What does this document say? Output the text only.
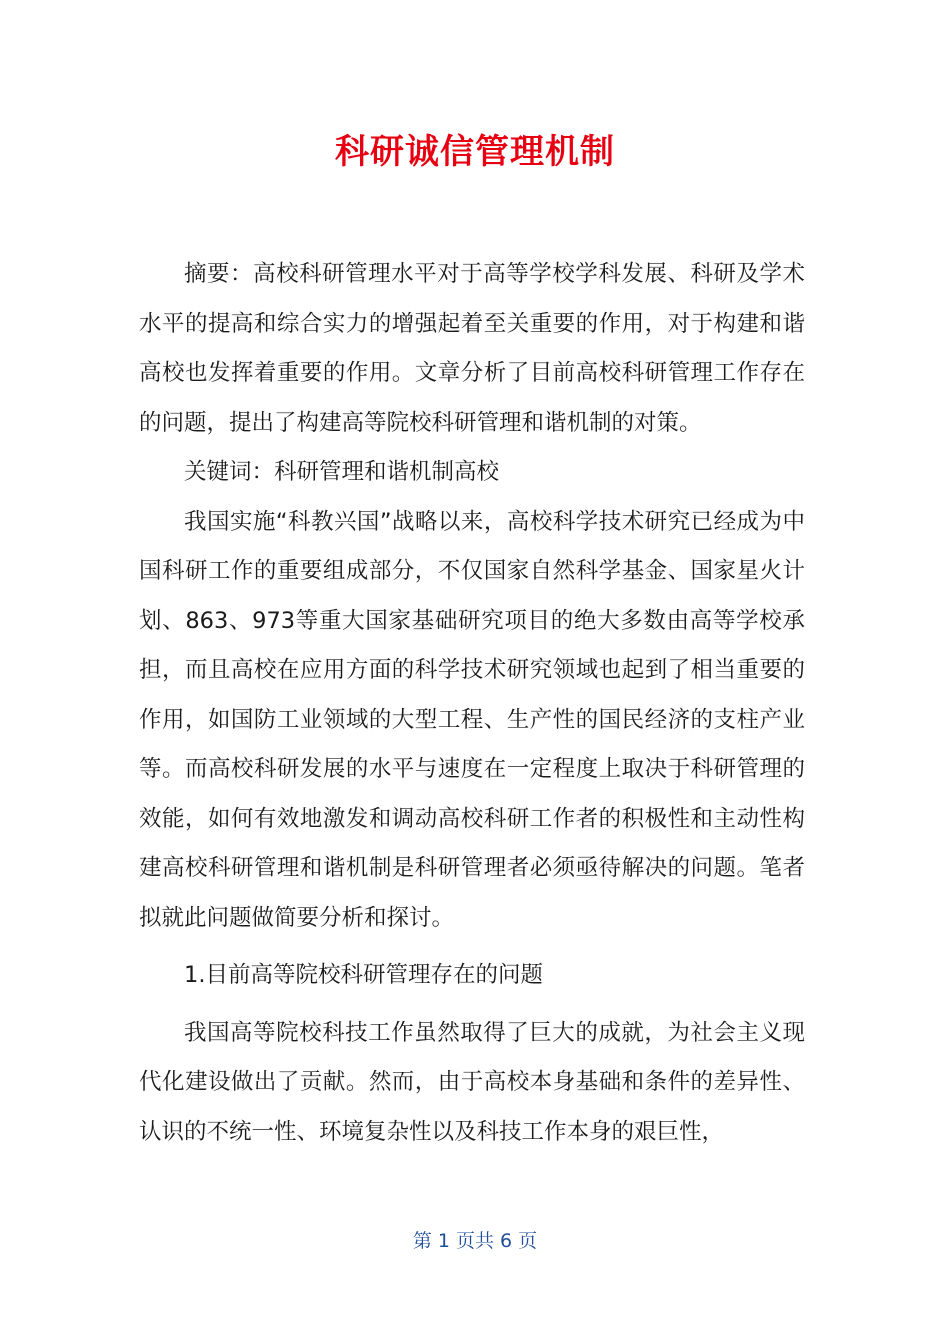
科研诚信管理机制

摘要：高校科研管理水平对于高等学校学科发展、科研及学术水平的提高和综合实力的增强起着至关重要的作用，对于构建和谐高校也发挥着重要的作用。文章分析了目前高校科研管理工作存在的问题，提出了构建高等院校科研管理和谐机制的对策。

关键词：科研管理和谐机制高校

我国实施“科教兴国”战略以来，高校科学技术研究已经成为中国科研工作的重要组成部分，不仅国家自然科学基金、国家星火计划、863、973等重大国家基础研究项目的绝大多数由高等学校承担，而且高校在应用方面的科学技术研究领域也起到了相当重要的作用，如国防工业领域的大型工程、生产性的国民经济的支柱产业等。而高校科研发展的水平与速度在一定程度上取决于科研管理的效能，如何有效地激发和调动高校科研工作者的积极性和主动性构建高校科研管理和谐机制是科研管理者必须亟待解决的问题。笔者拟就此问题做简要分析和探讨。

1.目前高等院校科研管理存在的问题

我国高等院校科技工作虽然取得了巨大的成就，为社会主义现代化建设做出了贡献。然而，由于高校本身基础和条件的差异性、认识的不统一性、环境复杂性以及科技工作本身的艰巨性，

第 1 页共 6 页
